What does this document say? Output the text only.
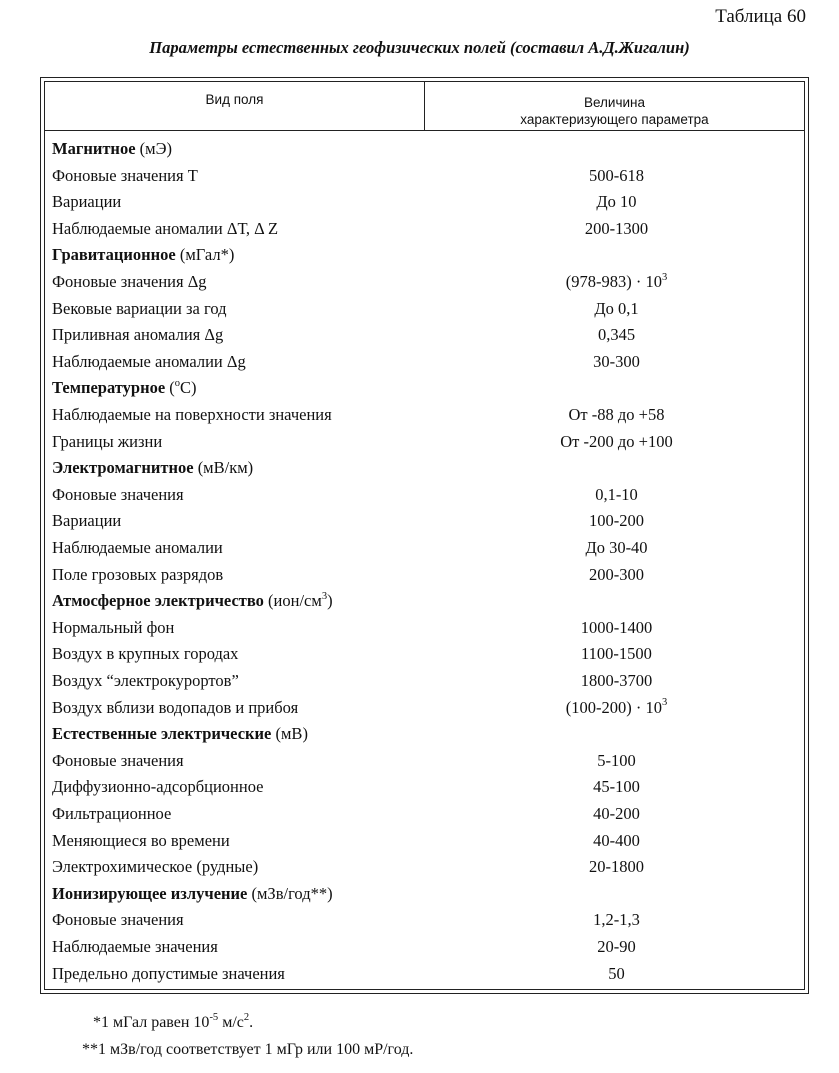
Таблица 60
Параметры естественных геофизических полей (составил А.Д.Жигалин)
Вид поля	Величина
характеризующего параметра
Магнитное (мЭ)
Фоновые значения Т	500-618
Вариации	До 10
Наблюдаемые аномалии ΔТ, Δ Z	200-1300
Гравитационное (мГал*)
Фоновые значения Δg	$(978-983) \cdot 10^3$
Вековые вариации за год	До 0,1
Приливная аномалия Δg	0,345
Наблюдаемые аномалии Δg	30-300
Температурное ($^о$С)
Наблюдаемые на поверхности значения	От -88 до +58
Границы жизни	От -200 до +100
Электромагнитное (мВ/км)
Фоновые значения	0,1-10
Вариации	100-200
Наблюдаемые аномалии	До 30-40
Поле грозовых разрядов	200-300
Атмосферное электричество $(ион/см^3)$
Нормальный фон	1000-1400
Воздух в крупных городах	1100-1500
Воздух “электрокурортов”	1800-3700
Воздух вблизи водопадов и прибоя	$(100-200) \cdot 10^3$
Естественные электрические (мВ)
Фоновые значения	5-100
Диффузионно-адсорбционное	45-100
Фильтрационное	40-200
Меняющиеся во времени	40-400
Электрохимическое (рудные)	20-1800
Ионизирующее излучение (мЗв/год**)
Фоновые значения	1,2-1,3
Наблюдаемые значения	20-90
Предельно допустимые значения	50
*1 мГал равен $10^{-5}$ $м/с^2$.
**1 мЗв/год соответствует 1 мГр или 100 мР/год.
